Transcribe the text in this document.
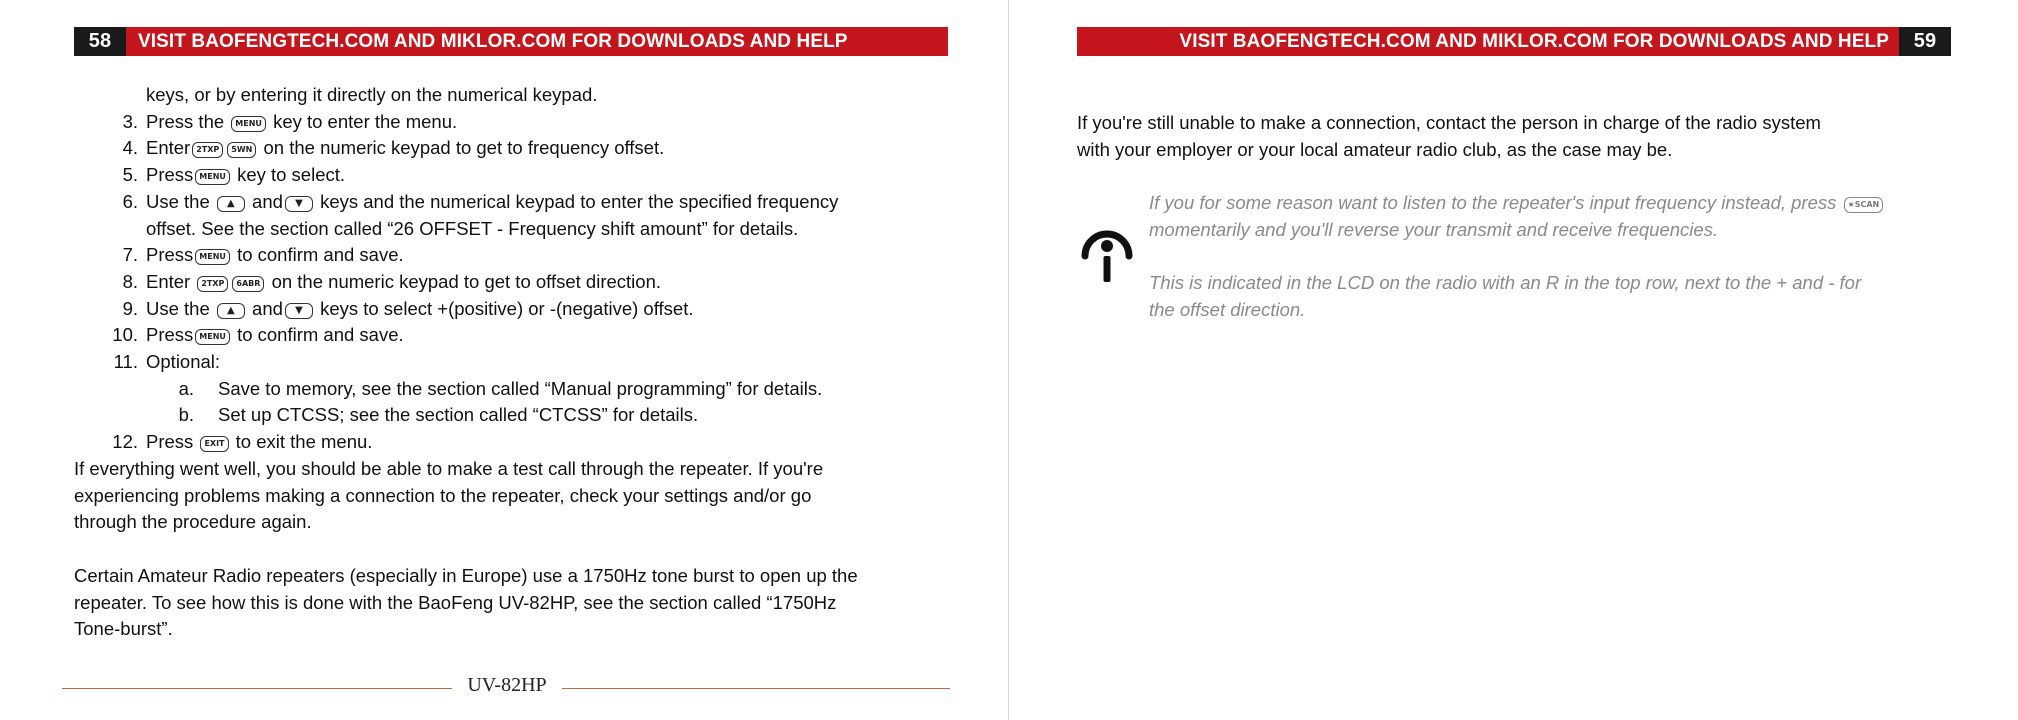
58	VISIT BAOFENGTECH.COM AND MIKLOR.COM FOR DOWNLOADS AND HELP
keys, or by entering it directly on the numerical keypad.
3. Press the MENU key to enter the menu.
4. Enter 2TXP 5WN on the numeric keypad to get to frequency offset.
5. Press MENU key to select.
6. Use the ▲ and ▼ keys and the numerical keypad to enter the specified frequency
offset. See the section called “26 OFFSET - Frequency shift amount” for details.
7. Press MENU to confirm and save.
8. Enter 2TXP 6ABR on the numeric keypad to get to offset direction.
9. Use the ▲ and ▼ keys to select +(positive) or -(negative) offset.
10. Press MENU to confirm and save.
11. Optional:
a.	Save to memory, see the section called “Manual programming” for details.
b.	Set up CTCSS; see the section called “CTCSS” for details.
12. Press EXIT to exit the menu.
If everything went well, you should be able to make a test call through the repeater. If you're
experiencing problems making a connection to the repeater, check your settings and/or go
through the procedure again.
Certain Amateur Radio repeaters (especially in Europe) use a 1750Hz tone burst to open up the
repeater. To see how this is done with the BaoFeng UV-82HP, see the section called “1750Hz
Tone-burst”.
UV-82HP
VISIT BAOFENGTECH.COM AND MIKLOR.COM FOR DOWNLOADS AND HELP	59
If you're still unable to make a connection, contact the person in charge of the radio system
with your employer or your local amateur radio club, as the case may be.
If you for some reason want to listen to the repeater's input frequency instead, press ★SCAN
momentarily and you'll reverse your transmit and receive frequencies.
This is indicated in the LCD on the radio with an R in the top row, next to the + and - for
the offset direction.
